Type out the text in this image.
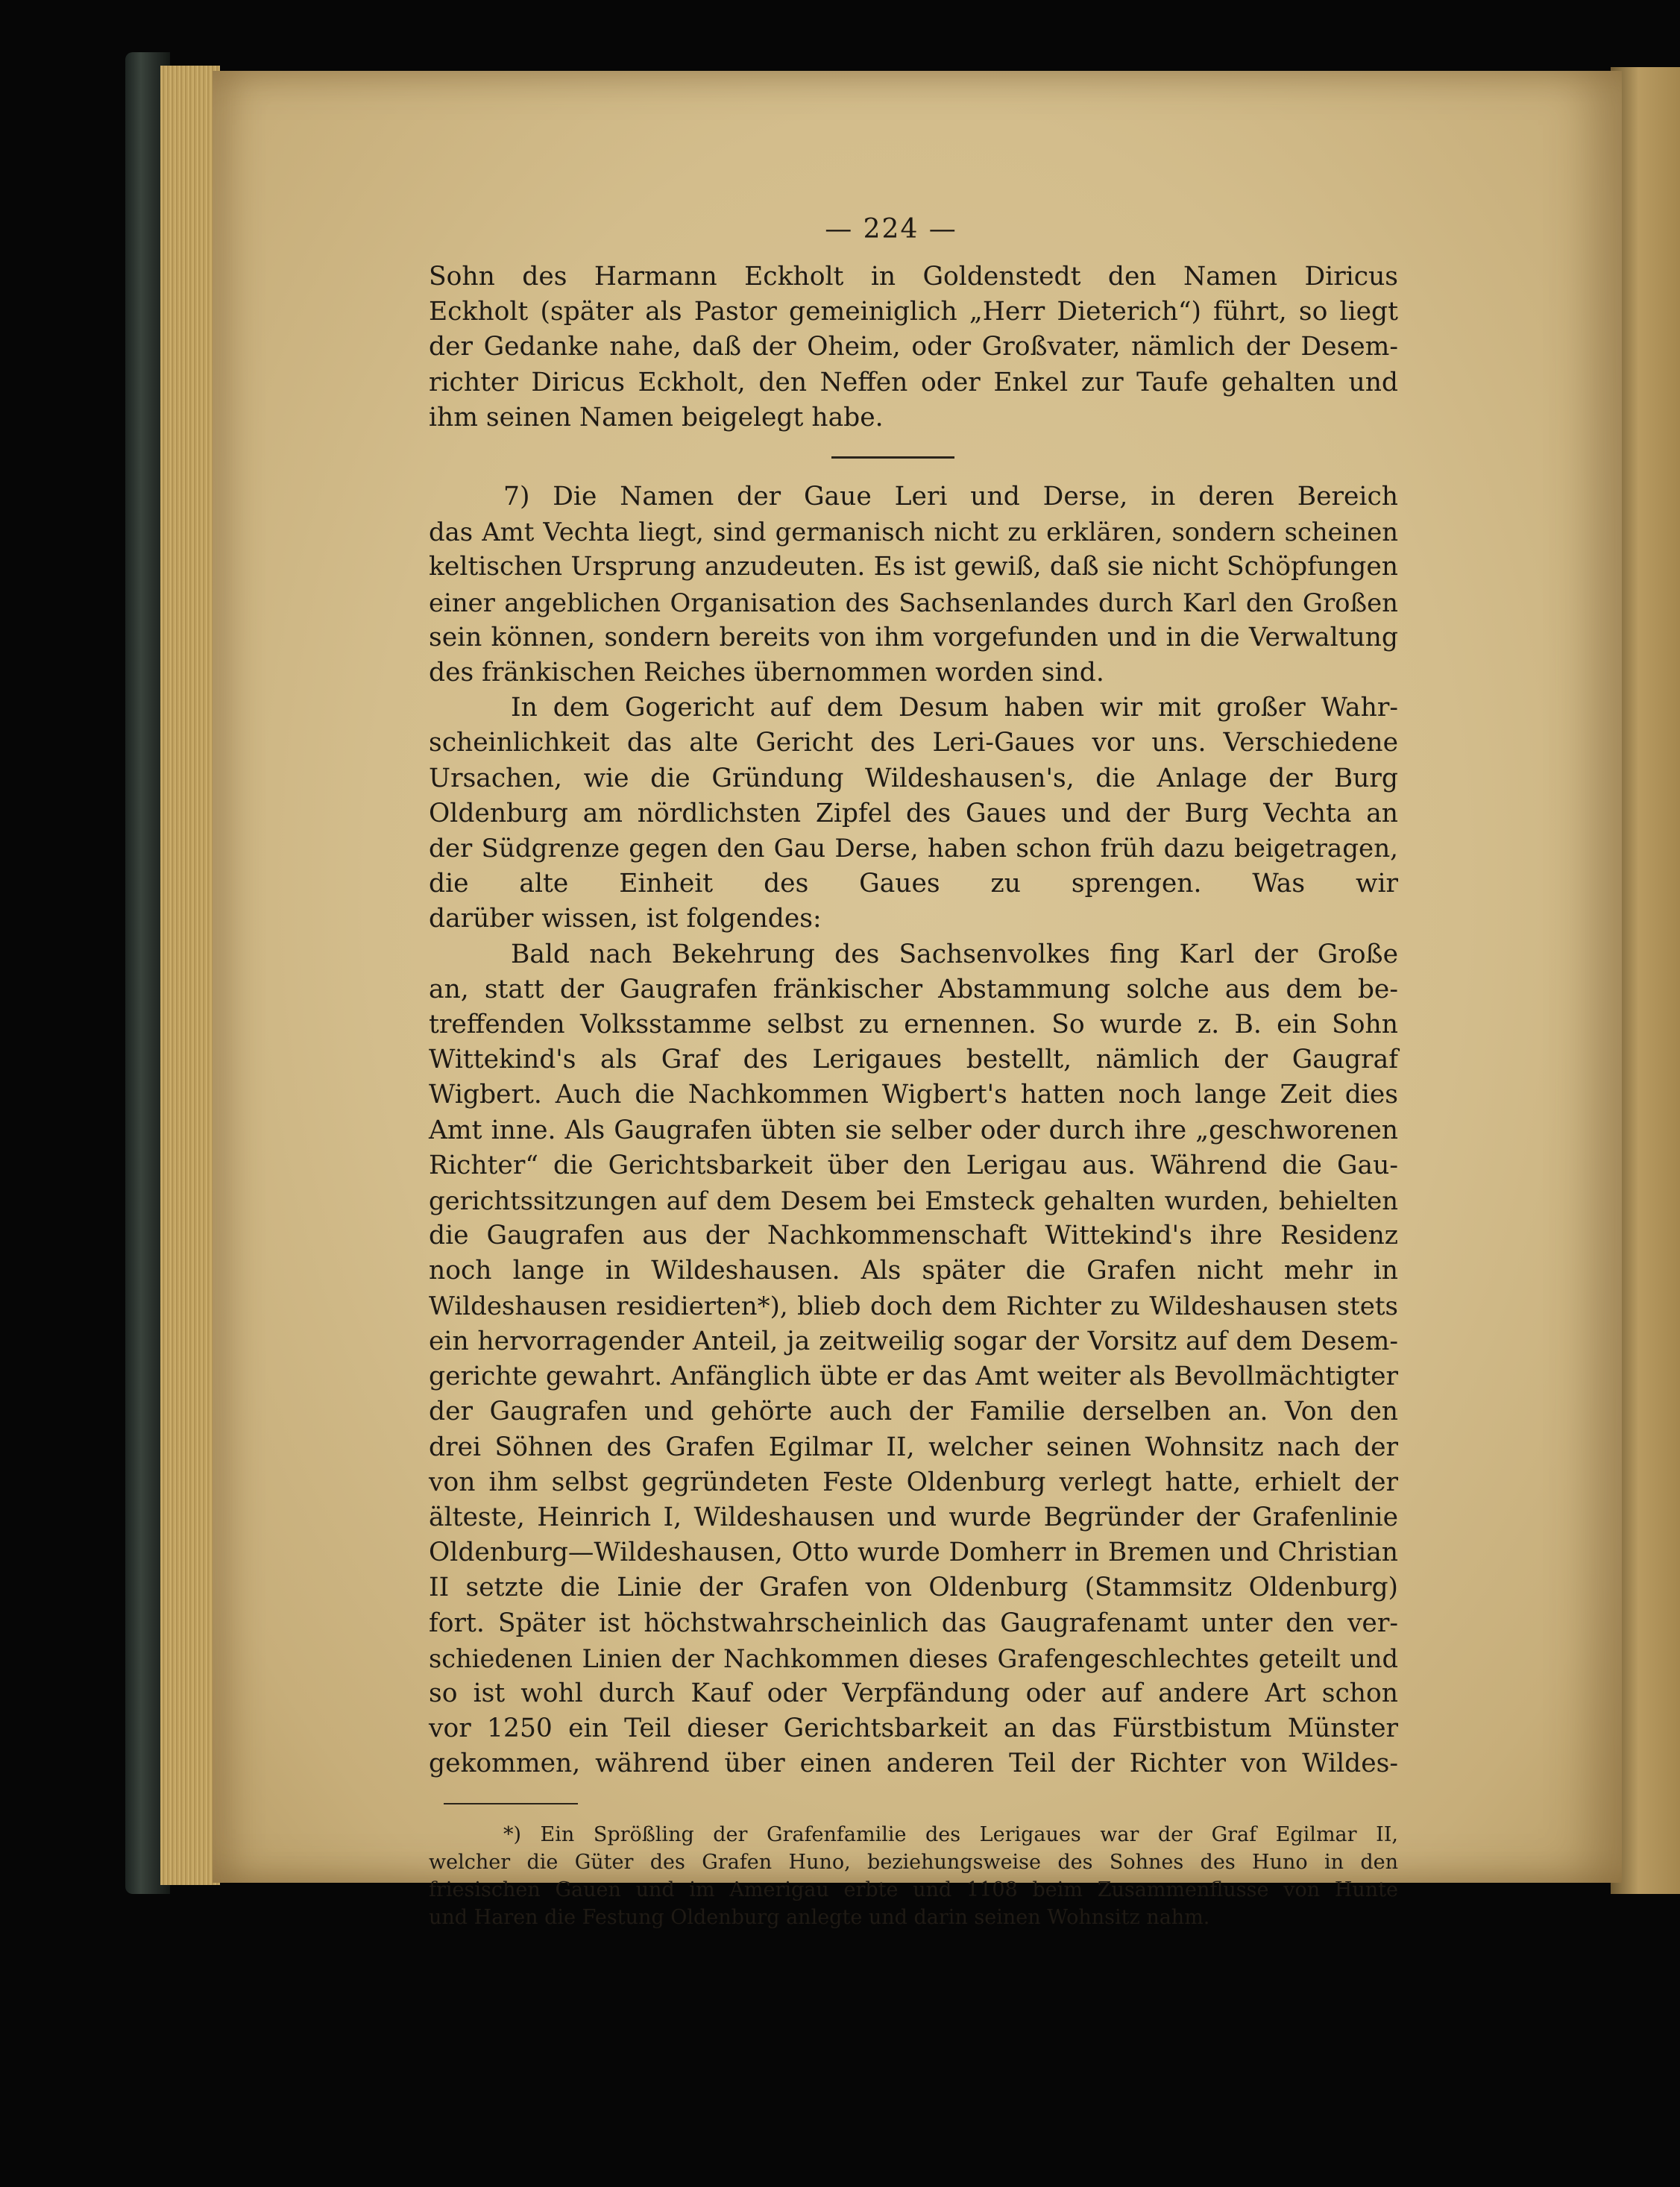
— 224 —
Sohn des Harmann Eckholt in Goldenstedt den Namen Diricus
Eckholt (später als Pastor gemeiniglich „Herr Dieterich“) führt, so liegt
der Gedanke nahe, daß der Oheim, oder Großvater, nämlich der Desem-
richter Diricus Eckholt, den Neffen oder Enkel zur Taufe gehalten und
ihm seinen Namen beigelegt habe.
7) Die Namen der Gaue Leri und Derse, in deren Bereich
das Amt Vechta liegt, sind germanisch nicht zu erklären, sondern scheinen
keltischen Ursprung anzudeuten. Es ist gewiß, daß sie nicht Schöpfungen
einer angeblichen Organisation des Sachsenlandes durch Karl den Großen
sein können, sondern bereits von ihm vorgefunden und in die Verwaltung
des fränkischen Reiches übernommen worden sind.
In dem Gogericht auf dem Desum haben wir mit großer Wahr-
scheinlichkeit das alte Gericht des Leri-Gaues vor uns. Verschiedene
Ursachen, wie die Gründung Wildeshausen's, die Anlage der Burg
Oldenburg am nördlichsten Zipfel des Gaues und der Burg Vechta an
der Südgrenze gegen den Gau Derse, haben schon früh dazu beigetragen,
die alte Einheit des Gaues zu sprengen. Was wir
darüber wissen, ist folgendes:
Bald nach Bekehrung des Sachsenvolkes fing Karl der Große
an, statt der Gaugrafen fränkischer Abstammung solche aus dem be-
treffenden Volksstamme selbst zu ernennen. So wurde z. B. ein Sohn
Wittekind's als Graf des Lerigaues bestellt, nämlich der Gaugraf
Wigbert. Auch die Nachkommen Wigbert's hatten noch lange Zeit dies
Amt inne. Als Gaugrafen übten sie selber oder durch ihre „geschworenen
Richter“ die Gerichtsbarkeit über den Lerigau aus. Während die Gau-
gerichtssitzungen auf dem Desem bei Emsteck gehalten wurden, behielten
die Gaugrafen aus der Nachkommenschaft Wittekind's ihre Residenz
noch lange in Wildeshausen. Als später die Grafen nicht mehr in
Wildeshausen residierten*), blieb doch dem Richter zu Wildeshausen stets
ein hervorragender Anteil, ja zeitweilig sogar der Vorsitz auf dem Desem-
gerichte gewahrt. Anfänglich übte er das Amt weiter als Bevollmächtigter
der Gaugrafen und gehörte auch der Familie derselben an. Von den
drei Söhnen des Grafen Egilmar II, welcher seinen Wohnsitz nach der
von ihm selbst gegründeten Feste Oldenburg verlegt hatte, erhielt der
älteste, Heinrich I, Wildeshausen und wurde Begründer der Grafenlinie
Oldenburg—Wildeshausen, Otto wurde Domherr in Bremen und Christian
II setzte die Linie der Grafen von Oldenburg (Stammsitz Oldenburg)
fort. Später ist höchstwahrscheinlich das Gaugrafenamt unter den ver-
schiedenen Linien der Nachkommen dieses Grafengeschlechtes geteilt und
so ist wohl durch Kauf oder Verpfändung oder auf andere Art schon
vor 1250 ein Teil dieser Gerichtsbarkeit an das Fürstbistum Münster
gekommen, während über einen anderen Teil der Richter von Wildes-
*) Ein Sprößling der Grafenfamilie des Lerigaues war der Graf Egilmar II,
welcher die Güter des Grafen Huno, beziehungsweise des Sohnes des Huno in den
friesischen Gauen und im Amerigau erbte und 1108 beim Zusammenflusse von Hunte
und Haren die Festung Oldenburg anlegte und darin seinen Wohnsitz nahm.
